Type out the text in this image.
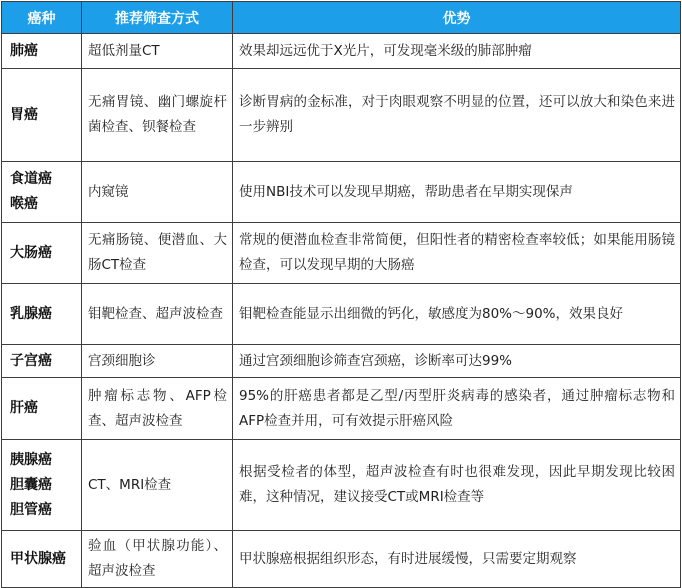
癌种	推荐筛查方式	优势

肺癌	超低剂量CT	效果却远远优于X光片，可发现毫米级的肺部肿瘤

胃癌	无痛胃镜、幽门螺旋杆菌检查、钡餐检查	诊断胃病的金标准，对于肉眼观察不明显的位置，还可以放大和染色来进一步辨别

食道癌
喉癌	内窥镜	使用NBI技术可以发现早期癌，帮助患者在早期实现保声

大肠癌	无痛肠镜、便潜血、大肠CT检查	常规的便潜血检查非常简便，但阳性者的精密检查率较低；如果能用肠镜检查，可以发现早期的大肠癌

乳腺癌	钼靶检查、超声波检查	钼靶检查能显示出细微的钙化，敏感度为80%～90%，效果良好

子宫癌	宫颈细胞诊	通过宫颈细胞诊筛查宫颈癌，诊断率可达99%

肝癌	肿瘤标志物、AFP检查、超声波检查	95%的肝癌患者都是乙型/丙型肝炎病毒的感染者，通过肿瘤标志物和AFP检查并用，可有效提示肝癌风险

胰腺癌
胆囊癌
胆管癌	CT、MRI检查	根据受检者的体型，超声波检查有时也很难发现，因此早期发现比较困难，这种情况，建议接受CT或MRI检查等

甲状腺癌	验血（甲状腺功能）、超声波检查	甲状腺癌根据组织形态，有时进展缓慢，只需要定期观察
